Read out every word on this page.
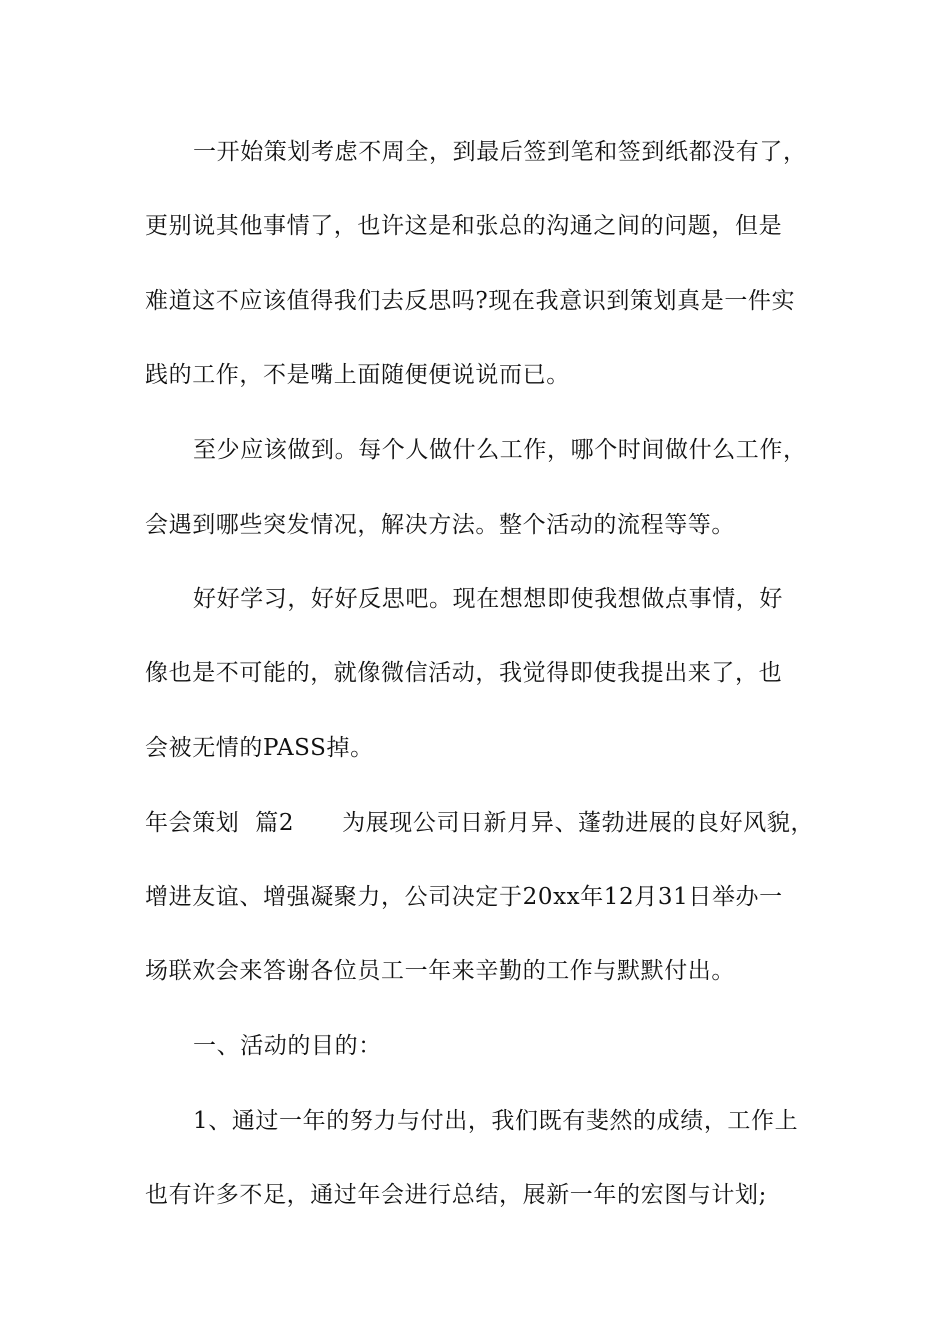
一开始策划考虑不周全，到最后签到笔和签到纸都没有了，
更别说其他事情了，也许这是和张总的沟通之间的问题，但是
难道这不应该值得我们去反思吗?现在我意识到策划真是一件实
践的工作，不是嘴上面随便便说说而已。
至少应该做到。每个人做什么工作，哪个时间做什么工作，
会遇到哪些突发情况，解决方法。整个活动的流程等等。
好好学习，好好反思吧。现在想想即使我想做点事情，好
像也是不可能的，就像微信活动，我觉得即使我提出来了，也
会被无情的PASS掉。
年会策划  篇2 为展现公司日新月异、蓬勃进展的良好风貌，
增进友谊、增强凝聚力，公司决定于20xx年12月31日举办一
场联欢会来答谢各位员工一年来辛勤的工作与默默付出。
一、活动的目的：
1、通过一年的努力与付出，我们既有斐然的成绩，工作上
也有许多不足，通过年会进行总结，展新一年的宏图与计划;
